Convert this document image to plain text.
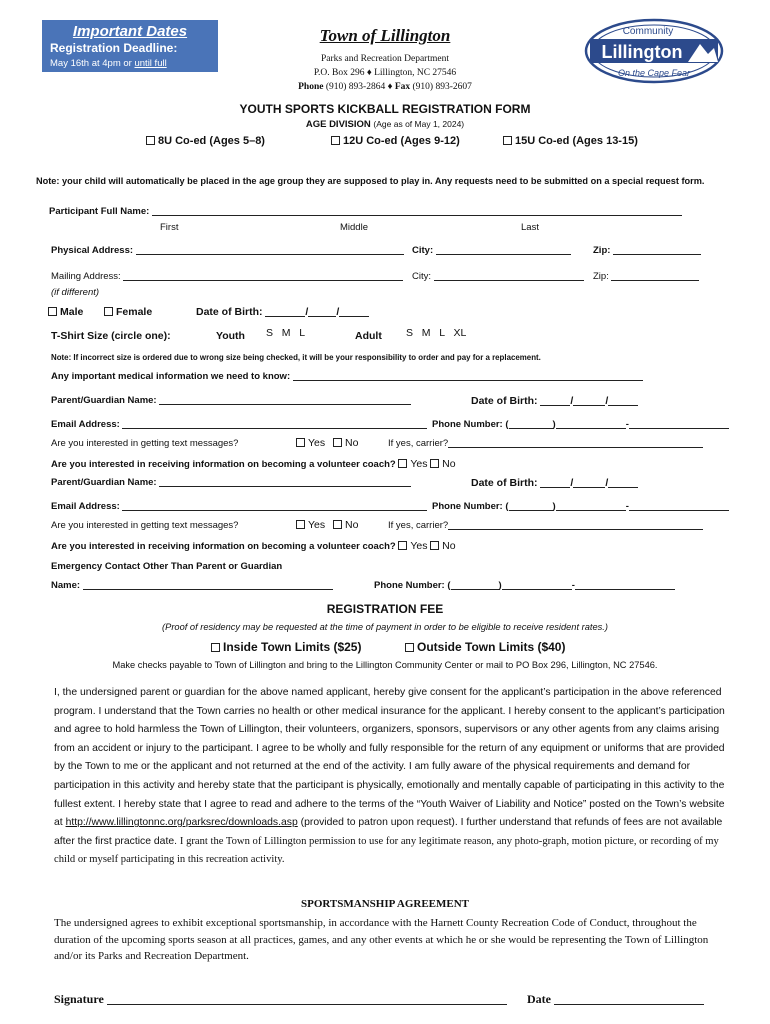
Important Dates
Registration Deadline:
May 16th at 4pm or until full
Town of Lillington
Parks and Recreation Department
P.O. Box 296 ♦ Lillington, NC 27546
Phone (910) 893-2864 ♦ Fax (910) 893-2607
Community
Lillington
On the Cape Fear
YOUTH SPORTS KICKBALL REGISTRATION FORM
AGE DIVISION (Age as of May 1, 2024)
8U Co-ed (Ages 5–8)	12U Co-ed (Ages 9-12)	15U Co-ed (Ages 13-15)
Note: your child will automatically be placed in the age group they are supposed to play in. Any requests need to be submitted on a special request form.
Participant Full Name:
First	Middle	Last
Physical Address:	City:	Zip:
Mailing Address:	City:	Zip:
(if different)
Male	Female	Date of Birth:	/	/
T-Shirt Size (circle one):	Youth S   M   L	Adult S   M   L   XL
Note: If incorrect size is ordered due to wrong size being checked, it will be your responsibility to order and pay for a replacement.
Any important medical information we need to know:
Parent/Guardian Name:	Date of Birth:	/	/
Email Address:	Phone Number: (	)	-
Are you interested in getting text messages?	Yes	No	If yes, carrier?
Are you interested in receiving information on becoming a volunteer coach? Yes No
Parent/Guardian Name:	Date of Birth:	/	/
Email Address:	Phone Number: (	)	-
Are you interested in getting text messages?	Yes	No	If yes, carrier?
Are you interested in receiving information on becoming a volunteer coach? Yes No
Emergency Contact Other Than Parent or Guardian
Name:	Phone Number: (	)	-
REGISTRATION FEE
(Proof of residency may be requested at the time of payment in order to be eligible to receive resident rates.)
Inside Town Limits ($25)	Outside Town Limits ($40)
Make checks payable to Town of Lillington and bring to the Lillington Community Center or mail to PO Box 296, Lillington, NC 27546.

I, the undersigned parent or guardian for the above named applicant, hereby give consent for the applicant’s participation in the above referenced program. I understand that the Town carries no health or other medical insurance for the applicant. I hereby consent to the applicant’s participation and agree to hold harmless the Town of Lillington, their volunteers, organizers, sponsors, supervisors or any other agents from any claims arising from an accident or injury to the participant. I agree to be wholly and fully responsible for the return of any equipment or uniforms that are provided by the Town to me or the applicant and not returned at the end of the activity. I am fully aware of the physical requirements and demand for participation in this activity and hereby state that the participant is physically, emotionally and mentally capable of participating in this activity to the fullest extent. I hereby state that I agree to read and adhere to the terms of the “Youth Waiver of Liability and Notice” posted on the Town’s website at http://www.lillingtonnc.org/parksrec/downloads.asp (provided to patron upon request). I further understand that refunds of fees are not available after the first practice date. I grant the Town of Lillington permission to use for any legitimate reason, any photo-graph, motion picture, or recording of my child or myself participating in this recreation activity.

SPORTSMANSHIP AGREEMENT

The undersigned agrees to exhibit exceptional sportsmanship, in accordance with the Harnett County Recreation Code of Conduct, throughout the duration of the upcoming sports season at all practices, games, and any other events at which he or she would be representing the Town of Lillington and/or its Parks and Recreation Department.

Signature	Date
